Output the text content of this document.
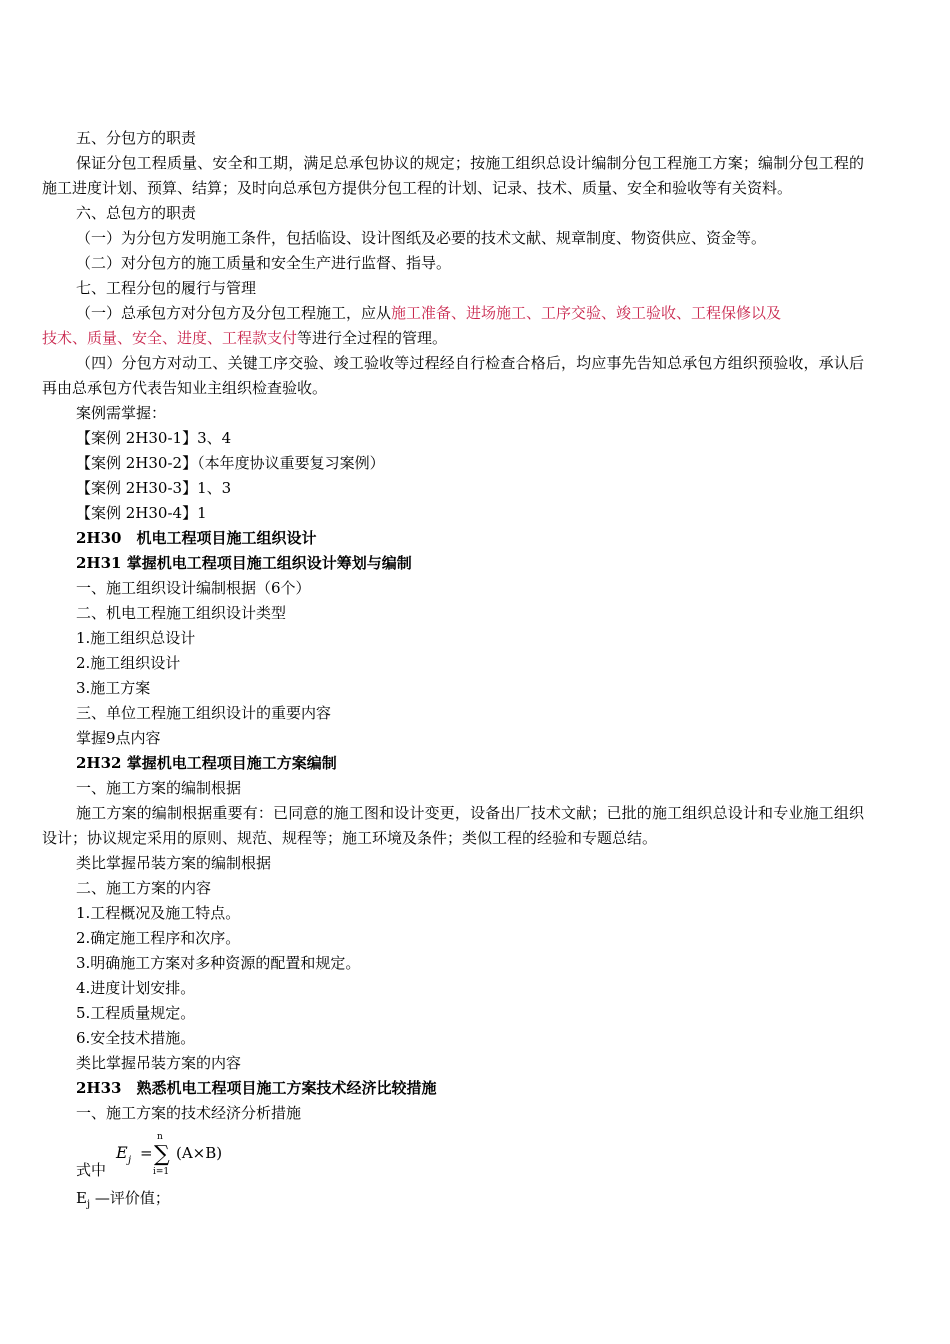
五、分包方的职责
保证分包工程质量、安全和工期，满足总承包协议的规定；按施工组织总设计编制分包工程施工方案；编制分包工程的施工进度计划、预算、结算；及时向总承包方提供分包工程的计划、记录、技术、质量、安全和验收等有关资料。
六、总包方的职责
（一）为分包方发明施工条件，包括临设、设计图纸及必要的技术文献、规章制度、物资供应、资金等。
（二）对分包方的施工质量和安全生产进行监督、指导。
七、工程分包的履行与管理
（一）总承包方对分包方及分包工程施工，应从施工准备、进场施工、工序交验、竣工验收、工程保修以及
技术、质量、安全、进度、工程款支付等进行全过程的管理。
（四）分包方对动工、关键工序交验、竣工验收等过程经自行检查合格后，均应事先告知总承包方组织预验收，承认后再由总承包方代表告知业主组织检查验收。
案例需掌握：
【案例 2H30-1】3、4
【案例 2H30-2】（本年度协议重要复习案例）
【案例 2H30-3】1、3
【案例 2H30-4】1
2H30　机电工程项目施工组织设计
2H31 掌握机电工程项目施工组织设计筹划与编制
一、施工组织设计编制根据（6个）
二、机电工程施工组织设计类型
1.施工组织总设计
2.施工组织设计
3.施工方案
三、单位工程施工组织设计的重要内容
掌握9点内容
2H32 掌握机电工程项目施工方案编制
一、施工方案的编制根据
施工方案的编制根据重要有：已同意的施工图和设计变更，设备出厂技术文献；已批的施工组织总设计和专业施工组织设计；协议规定采用的原则、规范、规程等；施工环境及条件；类似工程的经验和专题总结。
类比掌握吊装方案的编制根据
二、施工方案的内容
1.工程概况及施工特点。
2.确定施工程序和次序。
3.明确施工方案对多种资源的配置和规定。
4.进度计划安排。
5.工程质量规定。
6.安全技术措施。
类比掌握吊装方案的内容
2H33　熟悉机电工程项目施工方案技术经济比较措施
一、施工方案的技术经济分析措施
式中
E j =
n
∑
i=1
(A×B)
$E_j$ —评价值；
